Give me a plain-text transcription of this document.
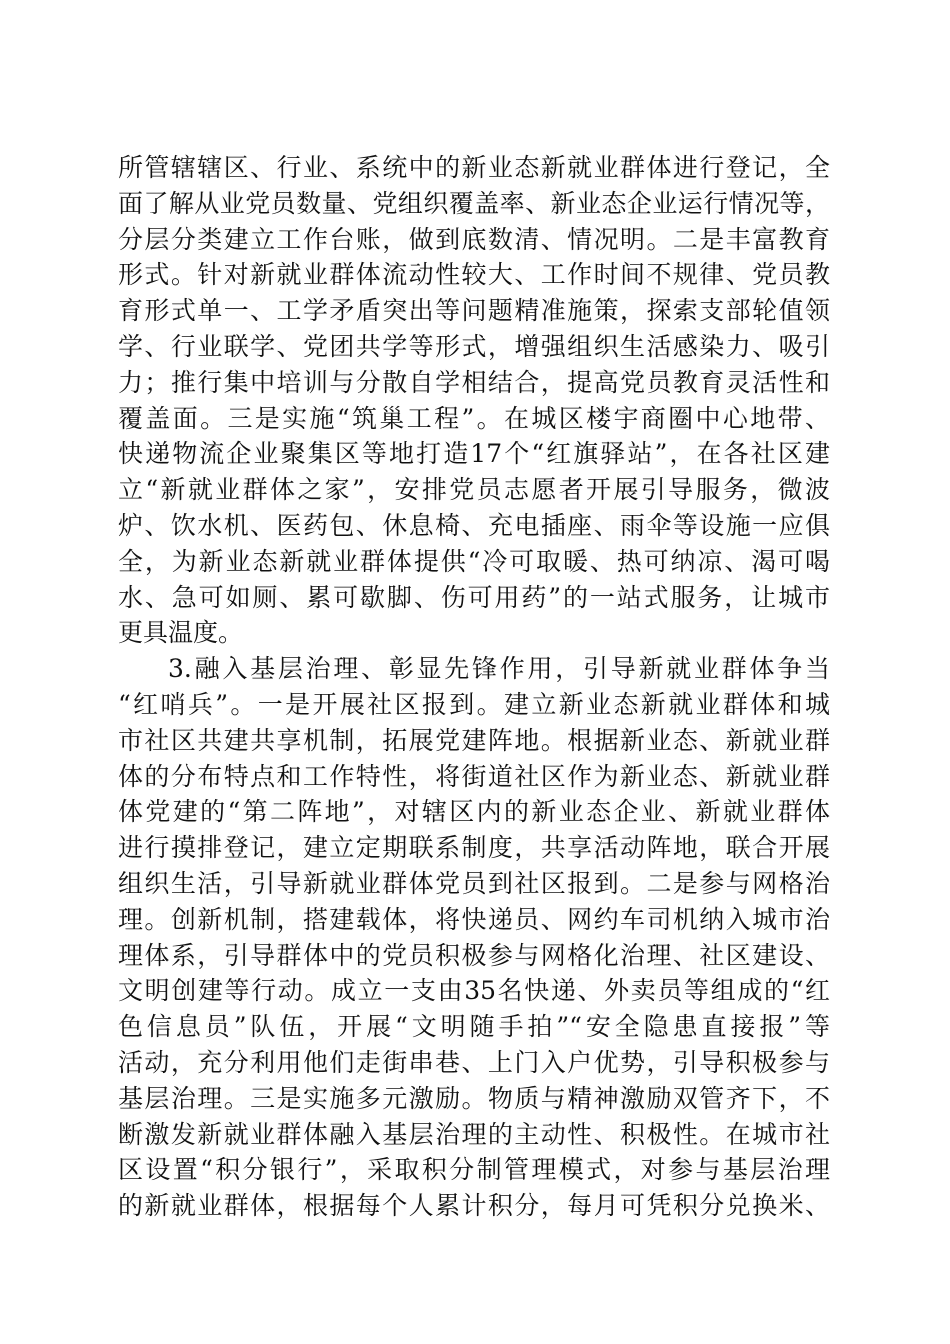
所管辖辖区、行业、系统中的新业态新就业群体进行登记，全
面了解从业党员数量、党组织覆盖率、新业态企业运行情况等，
分层分类建立工作台账，做到底数清、情况明。二是丰富教育
形式。针对新就业群体流动性较大、工作时间不规律、党员教
育形式单一、工学矛盾突出等问题精准施策，探索支部轮值领
学、行业联学、党团共学等形式，增强组织生活感染力、吸引
力；推行集中培训与分散自学相结合，提高党员教育灵活性和
覆盖面。三是实施“筑巢工程”。在城区楼宇商圈中心地带、
快递物流企业聚集区等地打造17个“红旗驿站”，在各社区建
立“新就业群体之家”，安排党员志愿者开展引导服务，微波
炉、饮水机、医药包、休息椅、充电插座、雨伞等设施一应俱
全，为新业态新就业群体提供“冷可取暖、热可纳凉、渴可喝
水、急可如厕、累可歇脚、伤可用药”的一站式服务，让城市
更具温度。
3.融入基层治理、彰显先锋作用，引导新就业群体争当
“红哨兵”。一是开展社区报到。建立新业态新就业群体和城
市社区共建共享机制，拓展党建阵地。根据新业态、新就业群
体的分布特点和工作特性，将街道社区作为新业态、新就业群
体党建的“第二阵地”，对辖区内的新业态企业、新就业群体
进行摸排登记，建立定期联系制度，共享活动阵地，联合开展
组织生活，引导新就业群体党员到社区报到。二是参与网格治
理。创新机制，搭建载体，将快递员、网约车司机纳入城市治
理体系，引导群体中的党员积极参与网格化治理、社区建设、
文明创建等行动。成立一支由35名快递、外卖员等组成的“红
色信息员”队伍，开展“文明随手拍”“安全隐患直接报”等
活动，充分利用他们走街串巷、上门入户优势，引导积极参与
基层治理。三是实施多元激励。物质与精神激励双管齐下，不
断激发新就业群体融入基层治理的主动性、积极性。在城市社
区设置“积分银行”，采取积分制管理模式，对参与基层治理
的新就业群体，根据每个人累计积分，每月可凭积分兑换米、
